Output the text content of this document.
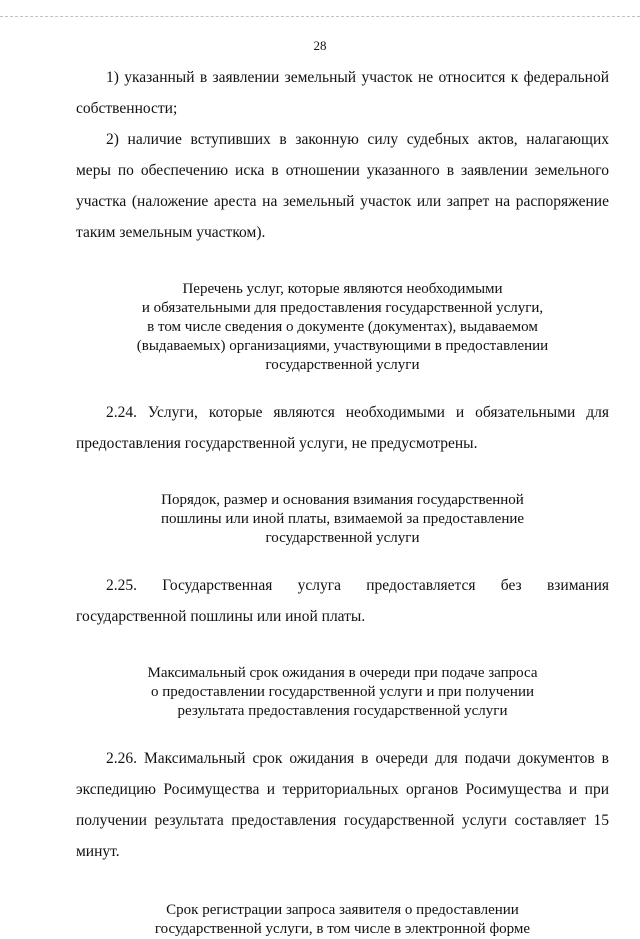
28

1) указанный в заявлении земельный участок не относится к федеральной собственности;

2) наличие вступивших в законную силу судебных актов, налагающих меры по обеспечению иска в отношении указанного в заявлении земельного участка (наложение ареста на земельный участок или запрет на распоряжение таким земельным участком).

Перечень услуг, которые являются необходимыми
и обязательными для предоставления государственной услуги,
в том числе сведения о документе (документах), выдаваемом
(выдаваемых) организациями, участвующими в предоставлении
государственной услуги

2.24. Услуги, которые являются необходимыми и обязательными для предоставления государственной услуги, не предусмотрены.

Порядок, размер и основания взимания государственной
пошлины или иной платы, взимаемой за предоставление
государственной услуги

2.25. Государственная услуга предоставляется без взимания государственной пошлины или иной платы.

Максимальный срок ожидания в очереди при подаче запроса
о предоставлении государственной услуги и при получении
результата предоставления государственной услуги

2.26. Максимальный срок ожидания в очереди для подачи документов в экспедицию Росимущества и территориальных органов Росимущества и при получении результата предоставления государственной услуги составляет 15 минут.

Срок регистрации запроса заявителя о предоставлении
государственной услуги, в том числе в электронной форме
